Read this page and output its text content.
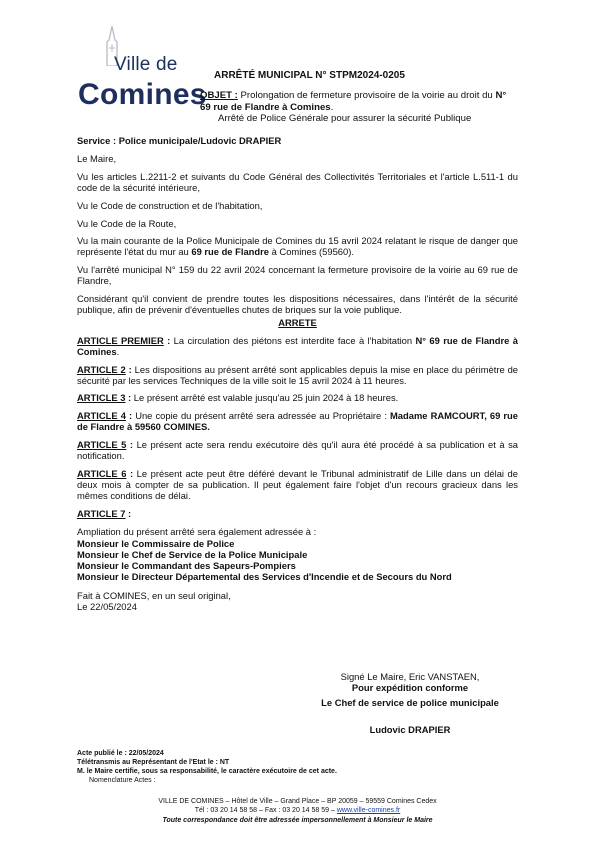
Ville de
Comines
ARRÊTÉ MUNICIPAL N° STPM2024-0205
OBJET : Prolongation de fermeture provisoire de la voirie au droit du N° 69 rue de Flandre à Comines.
Arrêté de Police Générale pour assurer la sécurité Publique

Service : Police municipale/Ludovic DRAPIER

Le Maire,

Vu les articles L.2211-2 et suivants du Code Général des Collectivités Territoriales et l'article L.511-1 du code de la sécurité intérieure,

Vu le Code de construction et de l'habitation,

Vu le Code de la Route,

Vu la main courante de la Police Municipale de Comines du 15 avril 2024 relatant le risque de danger que représente l'état du mur au 69 rue de Flandre à Comines (59560).

Vu l'arrêté municipal N° 159 du 22 avril 2024 concernant la fermeture provisoire de la voirie au 69 rue de Flandre,

Considérant qu'il convient de prendre toutes les dispositions nécessaires, dans l'intérêt de la sécurité publique, afin de prévenir d'éventuelles chutes de briques sur la voie publique.

ARRETE

ARTICLE PREMIER : La circulation des piétons est interdite face à l'habitation N° 69 rue de Flandre à Comines.

ARTICLE 2 : Les dispositions au présent arrêté sont applicables depuis la mise en place du périmètre de sécurité par les services Techniques de la ville soit le 15 avril 2024 à 11 heures.

ARTICLE 3 : Le présent arrêté est valable jusqu'au 25 juin 2024 à 18 heures.

ARTICLE 4 : Une copie du présent arrêté sera adressée au Propriétaire : Madame RAMCOURT, 69 rue de Flandre à 59560 COMINES.

ARTICLE 5 : Le présent acte sera rendu exécutoire dès qu'il aura été procédé à sa publication et à sa notification.

ARTICLE 6 : Le présent acte peut être déféré devant le Tribunal administratif de Lille dans un délai de deux mois à compter de sa publication. Il peut également faire l'objet d'un recours gracieux dans les mêmes conditions de délai.

ARTICLE 7 :

Ampliation du présent arrêté sera également adressée à :

Monsieur le Commissaire de Police
Monsieur le Chef de Service de la Police Municipale
Monsieur le Commandant des Sapeurs-Pompiers
Monsieur le Directeur Départemental des Services d'Incendie et de Secours du Nord
Fait à COMINES, en un seul original,
Le 22/05/2024
Signé Le Maire, Eric VANSTAEN,
Pour expédition conforme
Le Chef de service de police municipale
Ludovic DRAPIER
Acte publié le : 22/05/2024
Télétransmis au Représentant de l'Etat le : NT
M. le Maire certifie, sous sa responsabilité, le caractère exécutoire de cet acte.
Nomenclature Actes :
VILLE DE COMINES – Hôtel de Ville – Grand Place – BP 20059 – 59559 Comines Cedex
Tél : 03 20 14 58 58 – Fax : 03 20 14 58 59 – www.ville-comines.fr
Toute correspondance doit être adressée impersonnellement à Monsieur le Maire
